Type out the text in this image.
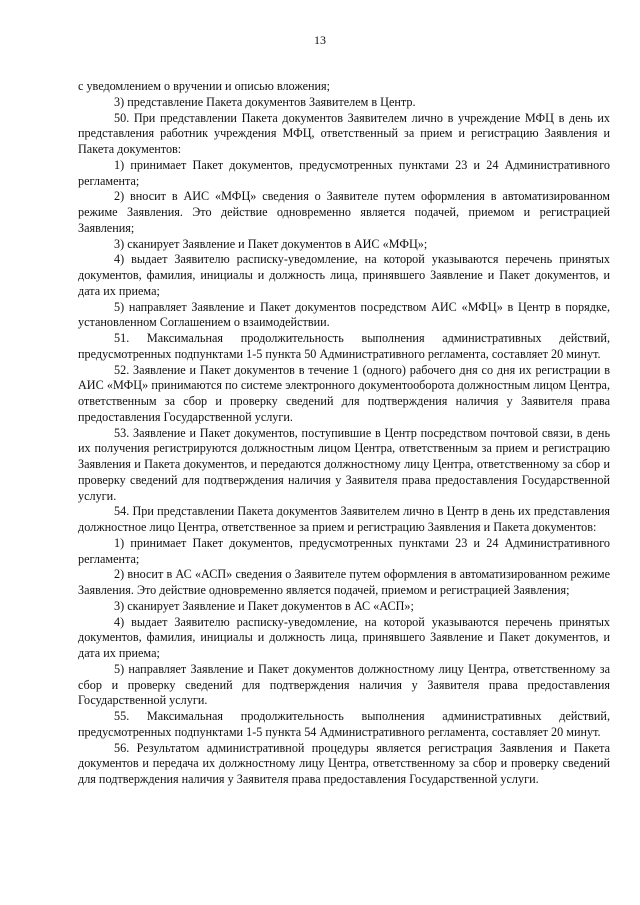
13

с уведомлением о вручении и описью вложения;

3) представление Пакета документов Заявителем в Центр.

50. При представлении Пакета документов Заявителем лично в учреждение МФЦ в день их представления работник учреждения МФЦ, ответственный за прием и регистрацию Заявления и Пакета документов:

1) принимает Пакет документов, предусмотренных пунктами 23 и 24 Административного регламента;

2) вносит в АИС «МФЦ» сведения о Заявителе путем оформления в автоматизированном режиме Заявления. Это действие одновременно является подачей, приемом и регистрацией Заявления;

3) сканирует Заявление и Пакет документов в АИС «МФЦ»;

4) выдает Заявителю расписку-уведомление, на которой указываются перечень принятых документов, фамилия, инициалы и должность лица, принявшего Заявление и Пакет документов, и дата их приема;

5) направляет Заявление и Пакет документов посредством АИС «МФЦ» в Центр в порядке, установленном Соглашением о взаимодействии.

51. Максимальная продолжительность выполнения административных действий, предусмотренных подпунктами 1-5 пункта 50 Административного регламента, составляет 20 минут.

52. Заявление и Пакет документов в течение 1 (одного) рабочего дня со дня их регистрации в АИС «МФЦ» принимаются по системе электронного документооборота должностным лицом Центра, ответственным за сбор и проверку сведений для подтверждения наличия у Заявителя права предоставления Государственной услуги.

53. Заявление и Пакет документов, поступившие в Центр посредством почтовой связи, в день их получения регистрируются должностным лицом Центра, ответственным за прием и регистрацию Заявления и Пакета документов, и передаются должностному лицу Центра, ответственному за сбор и проверку сведений для подтверждения наличия у Заявителя права предоставления Государственной услуги.

54. При представлении Пакета документов Заявителем лично в Центр в день их представления должностное лицо Центра, ответственное за прием и регистрацию Заявления и Пакета документов:

1) принимает Пакет документов, предусмотренных пунктами 23 и 24 Административного регламента;

2) вносит в АС «АСП» сведения о Заявителе путем оформления в автоматизированном режиме Заявления. Это действие одновременно является подачей, приемом и регистрацией Заявления;

3) сканирует Заявление и Пакет документов в АС «АСП»;

4) выдает Заявителю расписку-уведомление, на которой указываются перечень принятых документов, фамилия, инициалы и должность лица, принявшего Заявление и Пакет документов, и дата их приема;

5) направляет Заявление и Пакет документов должностному лицу Центра, ответственному за сбор и проверку сведений для подтверждения наличия у Заявителя права предоставления Государственной услуги.

55. Максимальная продолжительность выполнения административных действий, предусмотренных подпунктами 1-5 пункта 54 Административного регламента, составляет 20 минут.

56. Результатом административной процедуры является регистрация Заявления и Пакета документов и передача их должностному лицу Центра, ответственному за сбор и проверку сведений для подтверждения наличия у Заявителя права предоставления Государственной услуги.
